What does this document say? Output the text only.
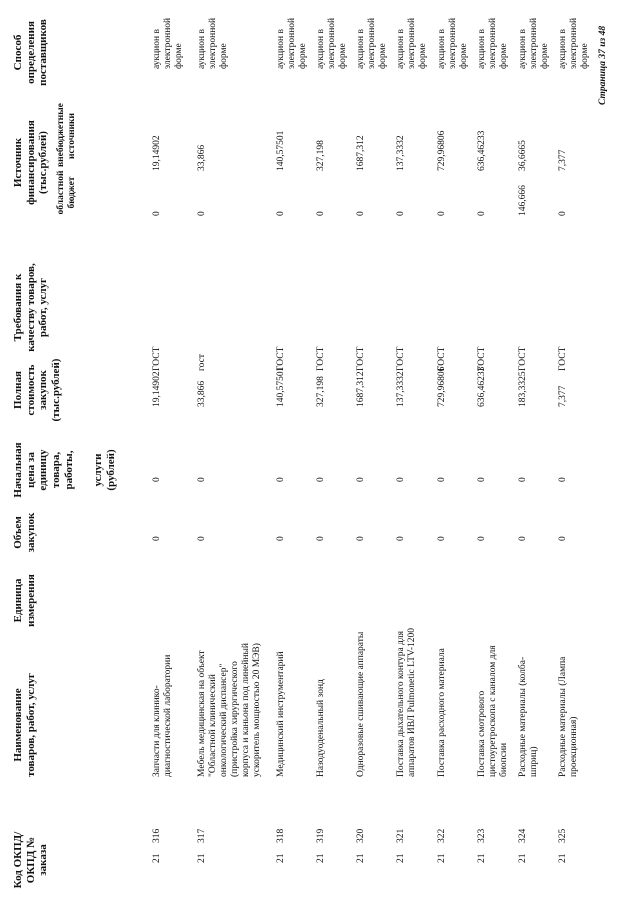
Код ОКПД/ ОКПД № заказа
Наименование товаров, работ, услуг
Единица измерения
Объем закупок
Начальная цена за единицу товара, работы, услуги (рублей)
Полная стоимость закупок (тыс.рублей)
Требования к качеству товаров, работ, услуг
Источник финансирования (тыс.рублей) областной бюджет
внебюджетные источники
Способ определения поставщиков
21
316
Запчасти для клинико-диагностической лаборатории
0
0
19,14902
ГОСТ
0
19,14902
аукцион в электронной форме
21
317
Мебель медицинская на объект "Областной клинический онкологический диспансер" (пристройка хирургического корпуса и каньона под линейный ускоритель мощностью 20 МЭВ)
0
0
33,866
гост
0
33,866
аукцион в электронной форме
21
318
Медицинский инструментарий
0
0
140,57501
ГОСТ
0
140,57501
аукцион в электронной форме
21
319
Назодуоденальный зонд
0
0
327,198
ГОСТ
0
327,198
аукцион в электронной форме
21
320
Одноразовые сшивающие аппараты
0
0
1687,312
ГОСТ
0
1687,312
аукцион в электронной форме
21
321
Поставка дыхательного контура для аппаратов ИВЛ Pulmonetic LTV-1200
0
0
137,3332
ГОСТ
0
137,3332
аукцион в электронной форме
21
322
Поставка расходного материала
0
0
729,96806
ГОСТ
0
729,96806
аукцион в электронной форме
21
323
Поставка смотрового цистоуретроскопа с каналом для биопсии
0
0
636,46233
ГОСТ
0
636,46233
аукцион в электронной форме
21
324
Расходные материалы (колба-шприц)
0
0
183,3325
ГОСТ
146,666
36,6665
аукцион в электронной форме
21
325
Расходные материалы (Лампа проекционная)
0
0
7,377
ГОСТ
0
7,377
аукцион в электронной форме Страница 37 из 48
